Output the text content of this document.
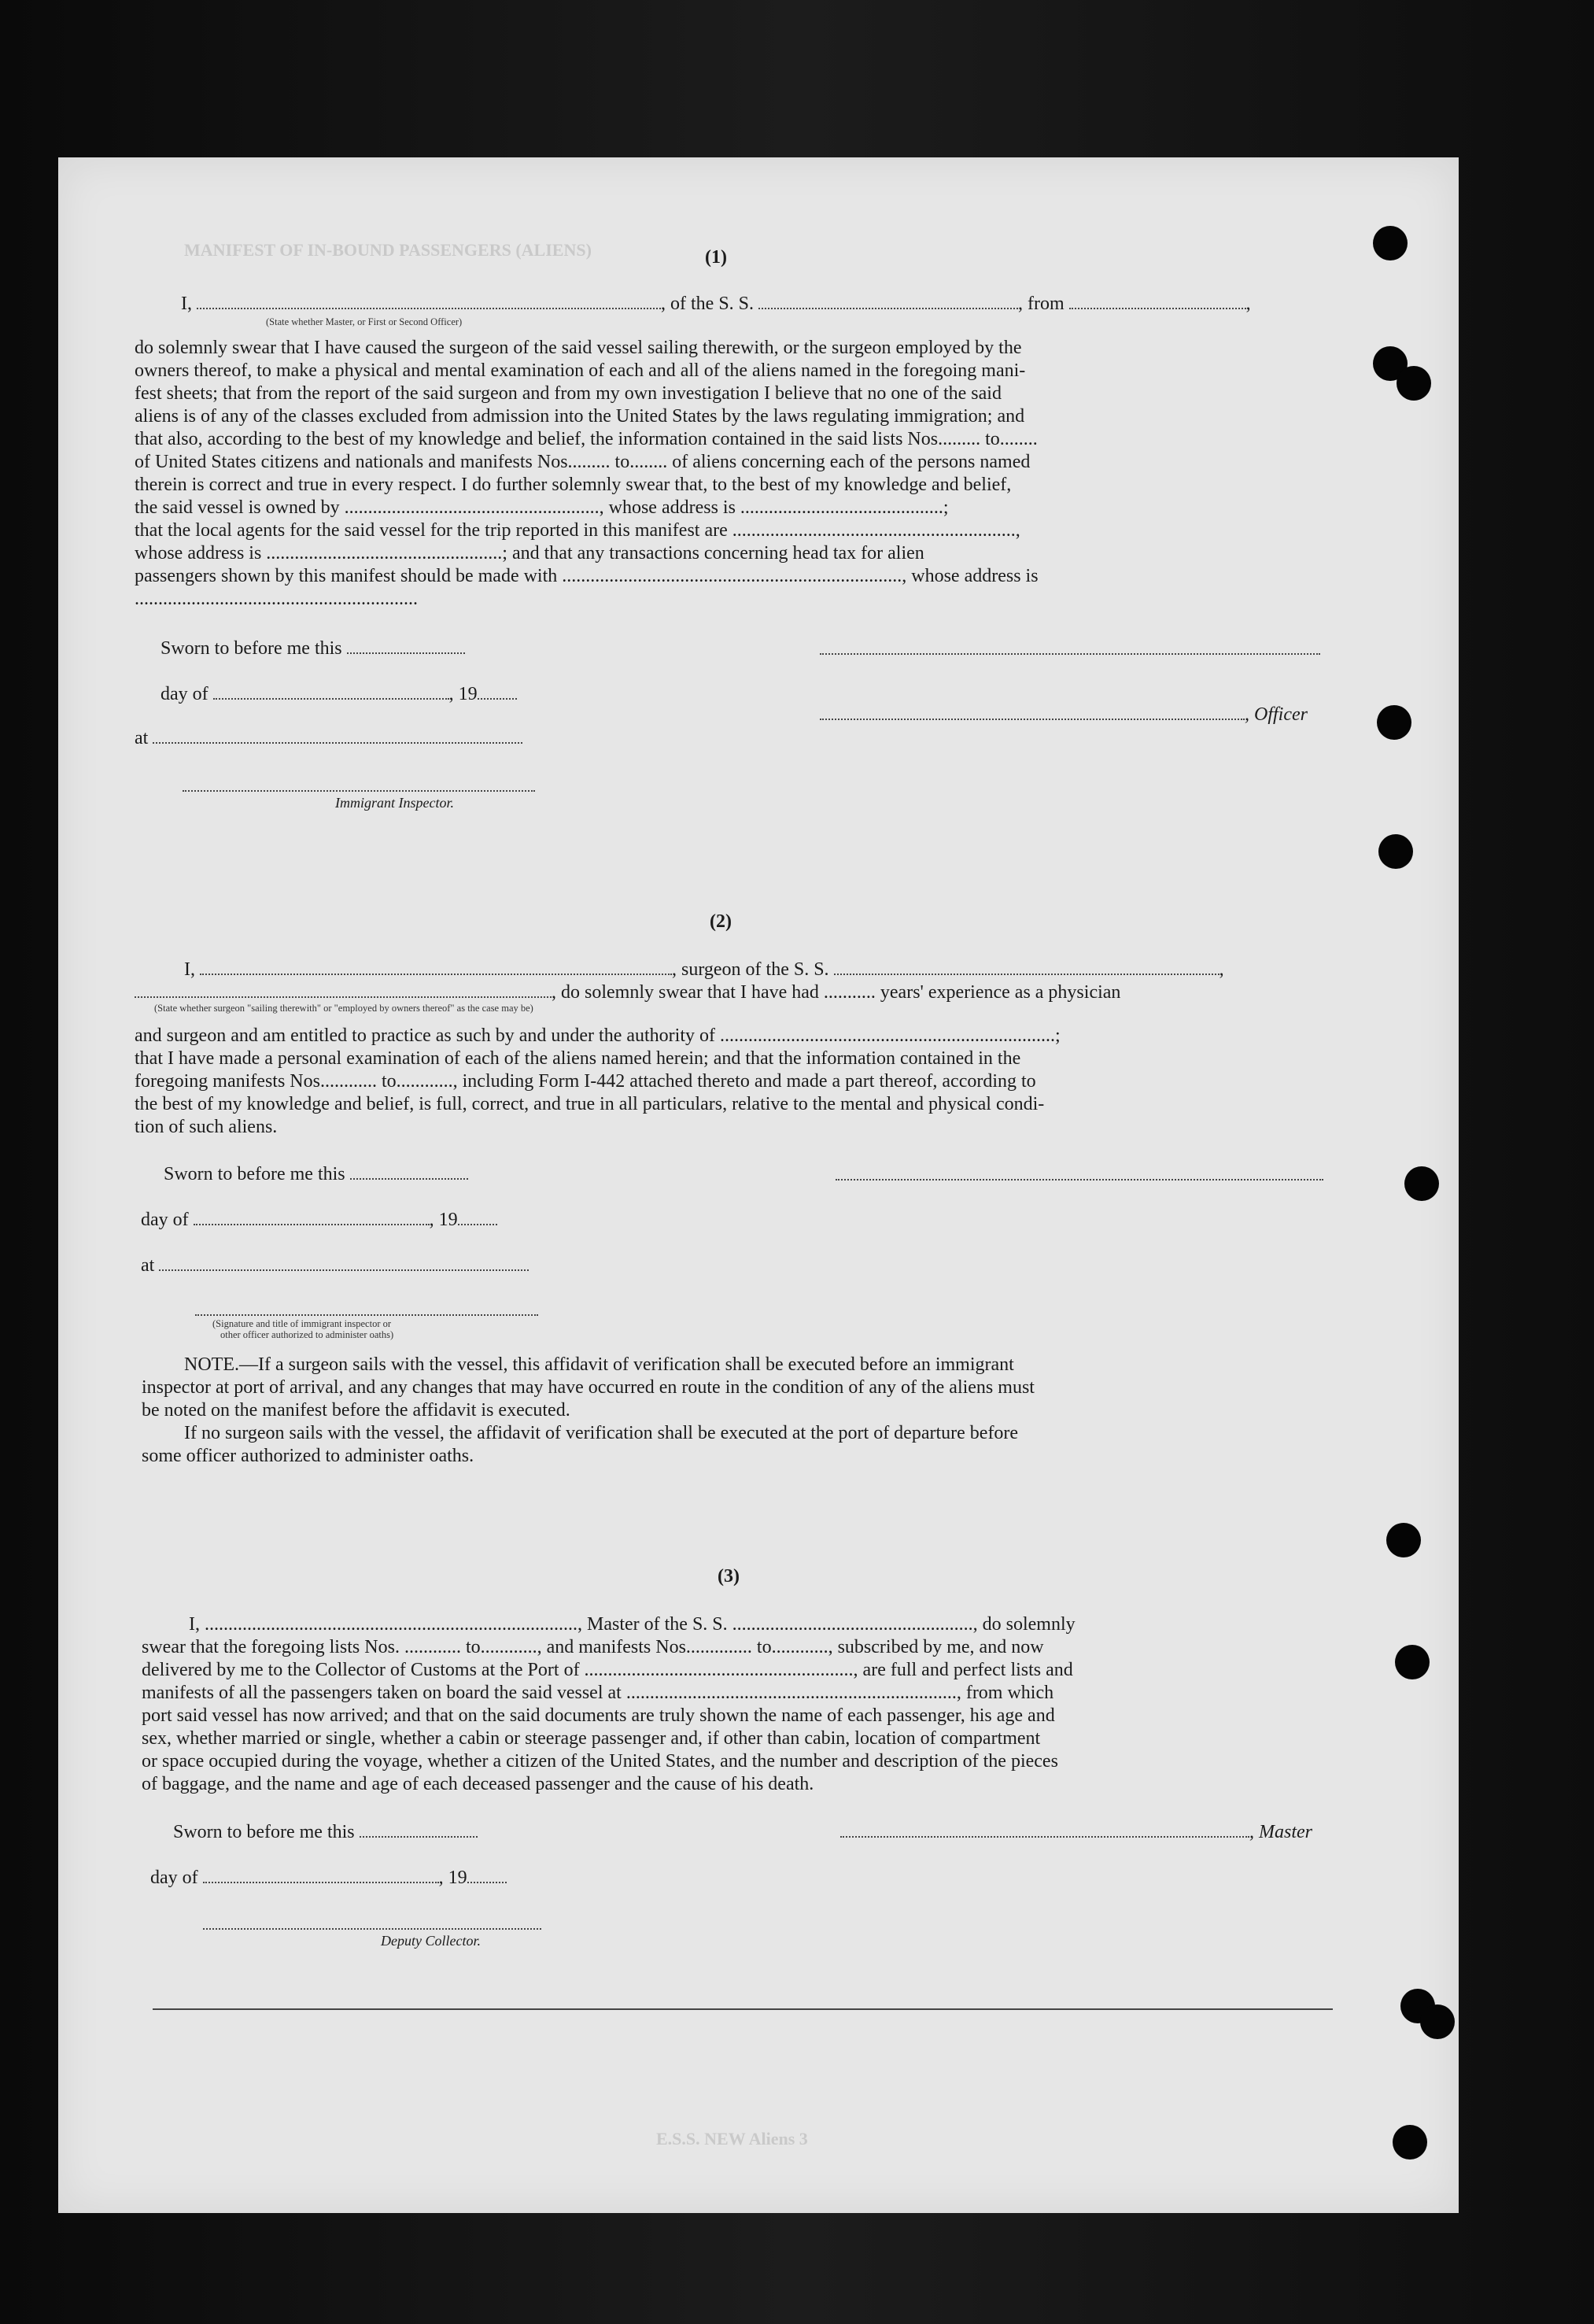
MANIFEST OF IN-BOUND PASSENGERS (ALIENS)
E.S.S. NEW Aliens 3
(1)
I,	, of the S. S.	, from	,
(State whether Master, or First or Second Officer)
do solemnly swear that I have caused the surgeon of the said vessel sailing therewith, or the surgeon employed by the
owners thereof, to make a physical and mental examination of each and all of the aliens named in the foregoing mani-
fest sheets; that from the report of the said surgeon and from my own investigation I believe that no one of the said
aliens is of any of the classes excluded from admission into the United States by the laws regulating immigration; and
that also, according to the best of my knowledge and belief, the information contained in the said lists Nos......... to........
of United States citizens and nationals and manifests Nos......... to........ of aliens concerning each of the persons named
therein is correct and true in every respect. I do further solemnly swear that, to the best of my knowledge and belief,
the said vessel is owned by ......................................................, whose address is ...........................................;
that the local agents for the said vessel for the trip reported in this manifest are ............................................................,
whose address is ..................................................; and that any transactions concerning head tax for alien
passengers shown by this manifest should be made with ........................................................................, whose address is
............................................................
Sworn to before me this
day of	, 19
, Officer
at
Immigrant Inspector.
(2)
I,	, surgeon of the S. S.	,
, do solemnly swear that I have had ........... years' experience as a physician
(State whether surgeon "sailing therewith" or "employed by owners thereof" as the case may be)
and surgeon and am entitled to practice as such by and under the authority of .......................................................................;
that I have made a personal examination of each of the aliens named herein; and that the information contained in the
foregoing manifests Nos............ to............, including Form I-442 attached thereto and made a part thereof, according to
the best of my knowledge and belief, is full, correct, and true in all particulars, relative to the mental and physical condi-
tion of such aliens.
Sworn to before me this
day of	, 19
at
(Signature and title of immigrant inspector or
other officer authorized to administer oaths)
NOTE.—If a surgeon sails with the vessel, this affidavit of verification shall be executed before an immigrant
inspector at port of arrival, and any changes that may have occurred en route in the condition of any of the aliens must
be noted on the manifest before the affidavit is executed.
If no surgeon sails with the vessel, the affidavit of verification shall be executed at the port of departure before
some officer authorized to administer oaths.
(3)
I, ..............................................................................., Master of the S. S. ..................................................., do solemnly
swear that the foregoing lists Nos. ............ to............, and manifests Nos.............. to............, subscribed by me, and now
delivered by me to the Collector of Customs at the Port of ........................................................., are full and perfect lists and
manifests of all the passengers taken on board the said vessel at ......................................................................, from which
port said vessel has now arrived; and that on the said documents are truly shown the name of each passenger, his age and
sex, whether married or single, whether a cabin or steerage passenger and, if other than cabin, location of compartment
or space occupied during the voyage, whether a citizen of the United States, and the number and description of the pieces
of baggage, and the name and age of each deceased passenger and the cause of his death.
Sworn to before me this	, Master
day of	, 19
Deputy Collector.
